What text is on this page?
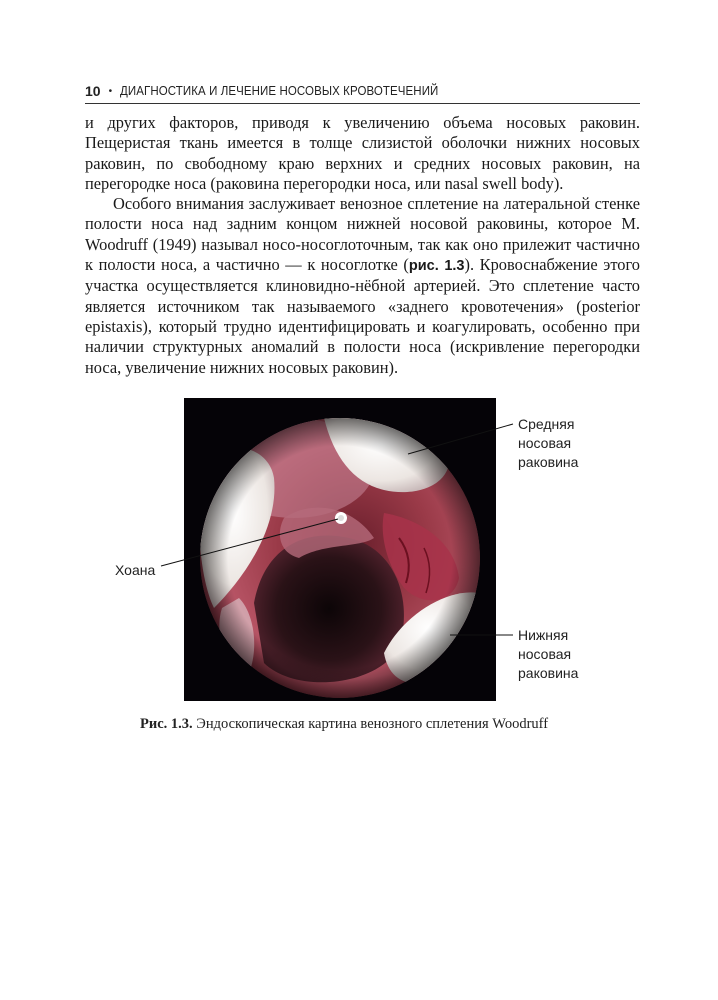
10 • ДИАГНОСТИКА И ЛЕЧЕНИЕ НОСОВЫХ КРОВОТЕЧЕНИЙ

и других факторов, приводя к увеличению объема носовых раковин. Пещеристая ткань имеется в толще слизистой оболочки нижних носовых раковин, по свободному краю верхних и средних носовых раковин, на перегородке носа (раковина перегородки носа, или nasal swell body).

Особого внимания заслуживает венозное сплетение на латеральной стенке полости носа над задним концом нижней носовой раковины, которое M. Woodruff (1949) называл носо-носоглоточным, так как оно прилежит частично к полости носа, а частично — к носоглотке (рис. 1.3). Кровоснабжение этого участка осуществляется клиновидно-нёбной артерией. Это сплетение часто является источником так называемого «заднего кровотечения» (posterior epistaxis), который трудно идентифицировать и коагулировать, особенно при наличии структурных аномалий в полости носа (искривление перегородки носа, увеличение нижних носовых раковин).

Средняя
носовая
раковина
Хоана
Нижняя
носовая
раковина
Рис. 1.3. Эндоскопическая картина венозного сплетения Woodruff
